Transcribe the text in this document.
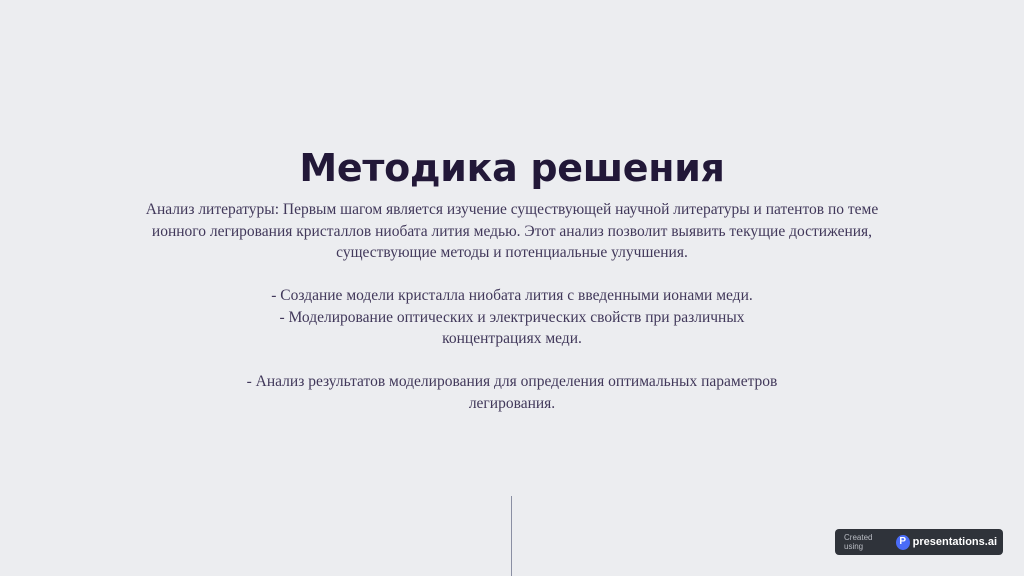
Методика решения

Анализ литературы: Первым шагом является изучение существующей научной литературы и патентов по теме ионного легирования кристаллов ниобата лития медью. Этот анализ позволит выявить текущие достижения, существующие методы и потенциальные улучшения.

- Создание модели кристалла ниобата лития с введенными ионами меди.

- Моделирование оптических и электрических свойств при различных концентрациях меди.

- Анализ результатов моделирования для определения оптимальных параметров легирования.

Created using	P presentations.ai
